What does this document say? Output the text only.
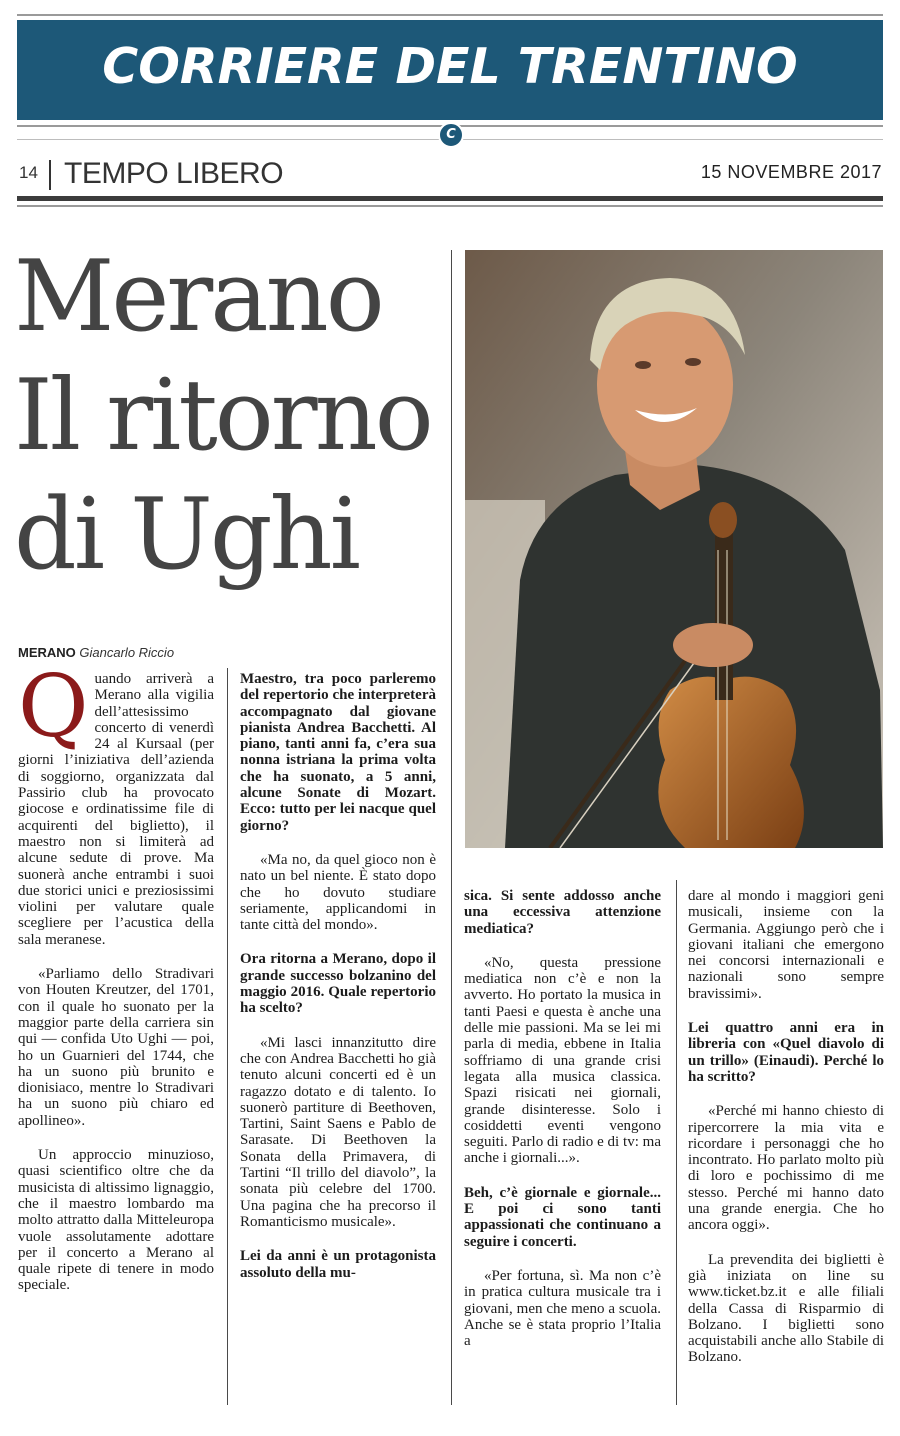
CORRIERE DEL TRENTINO
C
14 TEMPO LIBERO	15 NOVEMBRE 2017
Merano
Il ritorno
di Ughi
MERANO Giancarlo Riccio
Q uando arriverà a Merano alla vigilia dell’attesissimo concerto di venerdì 24 al Kursaal (per giorni l’iniziativa dell’azienda di soggiorno, organizzata dal Passirio club ha provocato giocose e ordinatissime file di acquirenti del biglietto), il maestro non si limiterà ad alcune sedute di prove. Ma suonerà anche entrambi i suoi due storici unici e preziosissimi violini per valutare quale scegliere per l’acustica della sala meranese.

«Parliamo dello Stradivari von Houten Kreutzer, del 1701, con il quale ho suonato per la maggior parte della carriera sin qui — confida Uto Ughi — poi, ho un Guarnieri del 1744, che ha un suono più brunito e dionisiaco, mentre lo Stradivari ha un suono più chiaro ed apollineo».

Un approccio minuzioso, quasi scientifico oltre che da musicista di altissimo lignaggio, che il maestro lombardo ma molto attratto dalla Mitteleuropa vuole assolutamente adottare per il concerto a Merano al quale ripete di tenere in modo speciale.

Maestro, tra poco parleremo del repertorio che interpreterà accompagnato dal giovane pianista Andrea Bacchetti. Al piano, tanti anni fa, c’era sua nonna istriana la prima volta che ha suonato, a 5 anni, alcune Sonate di Mozart. Ecco: tutto per lei nacque quel giorno?

«Ma no, da quel gioco non è nato un bel niente. È stato dopo che ho dovuto studiare seriamente, applicandomi in tante città del mondo».

Ora ritorna a Merano, dopo il grande successo bolzanino del maggio 2016. Quale repertorio ha scelto?

«Mi lasci innanzitutto dire che con Andrea Bacchetti ho già tenuto alcuni concerti ed è un ragazzo dotato e di talento. Io suonerò partiture di Beethoven, Tartini, Saint Saens e Pablo de Sarasate. Di Beethoven la Sonata della Primavera, di Tartini “Il trillo del diavolo”, la sonata più celebre del 1700. Una pagina che ha precorso il Romanticismo musicale».

Lei da anni è un protagonista assoluto della mu-

sica. Si sente addosso anche una eccessiva attenzione mediatica?

«No, questa pressione mediatica non c’è e non la avverto. Ho portato la musica in tanti Paesi e questa è anche una delle mie passioni. Ma se lei mi parla di media, ebbene in Italia soffriamo di una grande crisi legata alla musica classica. Spazi risicati nei giornali, grande disinteresse. Solo i cosiddetti eventi vengono seguiti. Parlo di radio e di tv: ma anche i giornali...».

Beh, c’è giornale e giornale... E poi ci sono tanti appassionati che continuano a seguire i concerti.

«Per fortuna, sì. Ma non c’è in pratica cultura musicale tra i giovani, men che meno a scuola. Anche se è stata proprio l’Italia a

dare al mondo i maggiori geni musicali, insieme con la Germania. Aggiungo però che i giovani italiani che emergono nei concorsi internazionali e nazionali sono sempre bravissimi».

Lei quattro anni era in libreria con «Quel diavolo di un trillo» (Einaudi). Perché lo ha scritto?

«Perché mi hanno chiesto di ripercorrere la mia vita e ricordare i personaggi che ho incontrato. Ho parlato molto più di loro e pochissimo di me stesso. Perché mi hanno dato una grande energia. Che ho ancora oggi».

La prevendita dei biglietti è già iniziata on line su www.ticket.bz.it e alle filiali della Cassa di Risparmio di Bolzano. I biglietti sono acquistabili anche allo Stabile di Bolzano.
